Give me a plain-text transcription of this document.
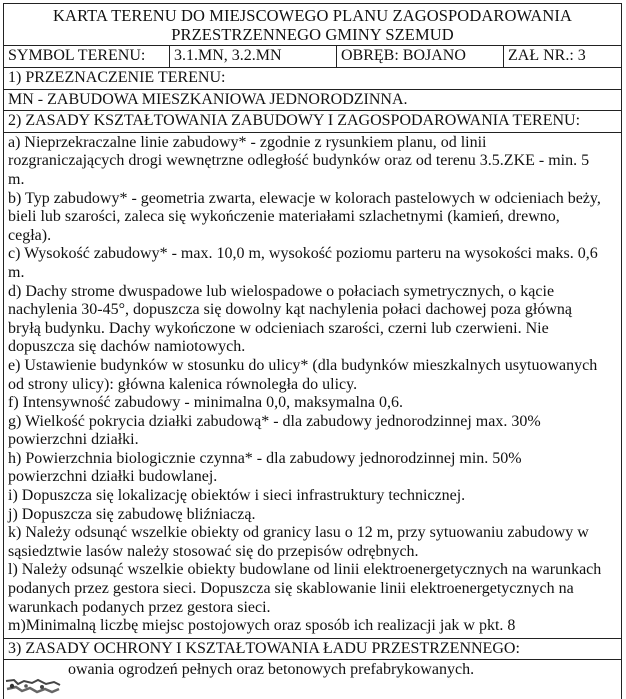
KARTA TERENU DO MIEJSCOWEGO PLANU ZAGOSPODAROWANIA
PRZESTRZENNEGO GMINY SZEMUD
SYMBOL TERENU:	3.1.MN, 3.2.MN	OBRĘB: BOJANO	ZAŁ NR.: 3
1) PRZEZNACZENIE TERENU:
MN - ZABUDOWA MIESZKANIOWA JEDNORODZINNA.
2) ZASADY KSZTAŁTOWANIA ZABUDOWY I ZAGOSPODAROWANIA TERENU:
a) Nieprzekraczalne linie zabudowy* - zgodnie z rysunkiem planu, od linii
rozgraniczających drogi wewnętrzne odległość budynków oraz od terenu 3.5.ZKE - min. 5
m.
b) Typ zabudowy* - geometria zwarta, elewacje w kolorach pastelowych w odcieniach beży,
bieli lub szarości, zaleca się wykończenie materiałami szlachetnymi (kamień, drewno,
cegła).
c) Wysokość zabudowy* - max. 10,0 m, wysokość poziomu parteru na wysokości maks. 0,6
m.
d) Dachy strome dwuspadowe lub wielospadowe o połaciach symetrycznych, o kącie
nachylenia 30-45°, dopuszcza się dowolny kąt nachylenia połaci dachowej poza główną
bryłą budynku. Dachy wykończone w odcieniach szarości, czerni lub czerwieni. Nie
dopuszcza się dachów namiotowych.
e) Ustawienie budynków w stosunku do ulicy* (dla budynków mieszkalnych usytuowanych
od strony ulicy): główna kalenica równoległa do ulicy.
f) Intensywność zabudowy - minimalna 0,0, maksymalna 0,6.
g) Wielkość pokrycia działki zabudową* - dla zabudowy jednorodzinnej max. 30%
powierzchni działki.
h) Powierzchnia biologicznie czynna* - dla zabudowy jednorodzinnej min. 50%
powierzchni działki budowlanej.
i) Dopuszcza się lokalizację obiektów i sieci infrastruktury technicznej.
j) Dopuszcza się zabudowę bliźniaczą.
k) Należy odsunąć wszelkie obiekty od granicy lasu o 12 m, przy sytuowaniu zabudowy w
sąsiedztwie lasów należy stosować się do przepisów odrębnych.
l) Należy odsunąć wszelkie obiekty budowlane od linii elektroenergetycznych na warunkach
podanych przez gestora sieci. Dopuszcza się skablowanie linii elektroenergetycznych na
warunkach podanych przez gestora sieci.
m)Minimalną liczbę miejsc postojowych oraz sposób ich realizacji jak w pkt. 8
3) ZASADY OCHRONY I KSZTAŁTOWANIA ŁADU PRZESTRZENNEGO:
owania ogrodzeń pełnych oraz betonowych prefabrykowanych.
